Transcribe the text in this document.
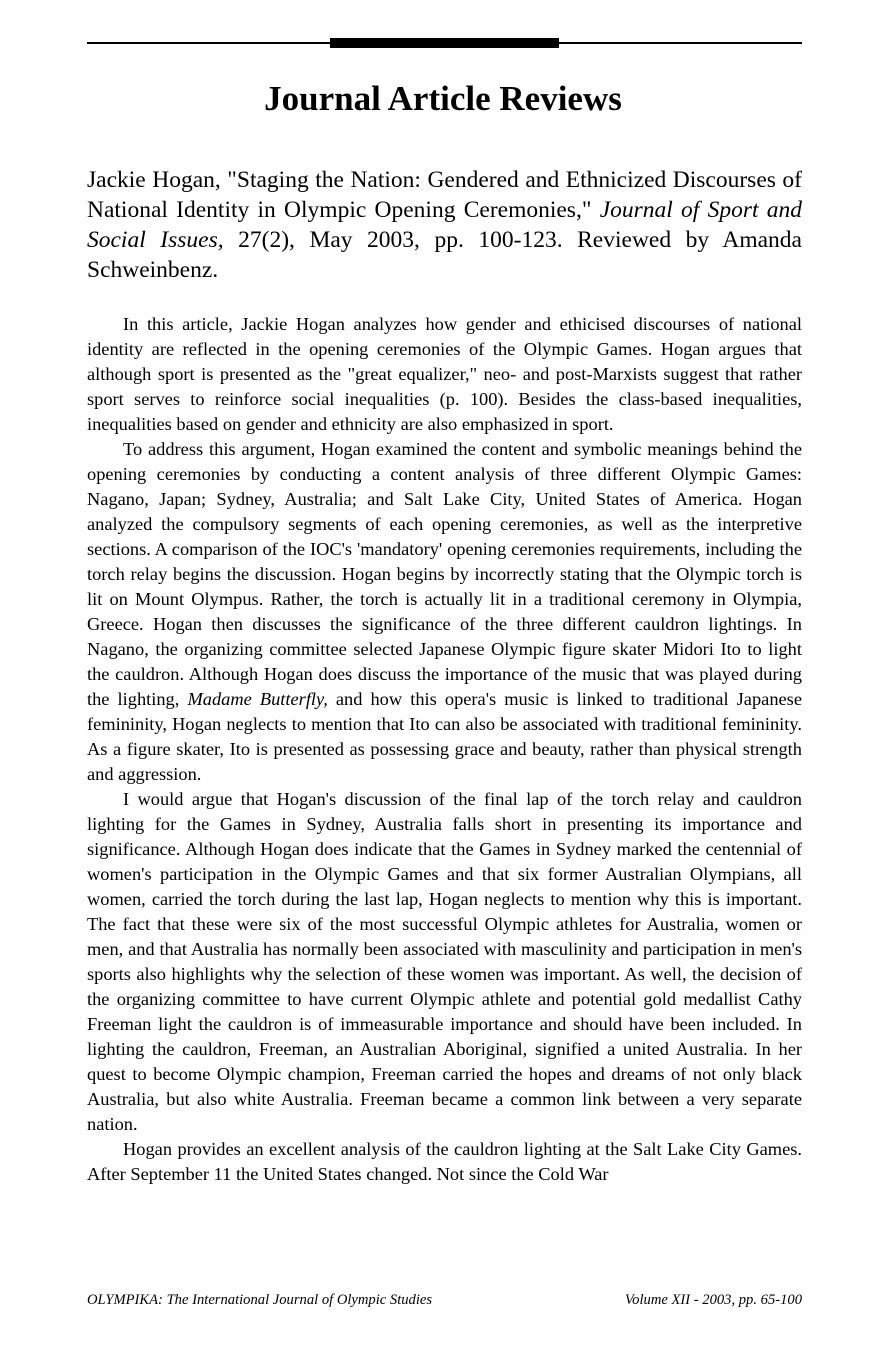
Journal Article Reviews

Jackie Hogan, "Staging the Nation: Gendered and Ethnicized Discourses of National Identity in Olympic Opening Ceremonies," Journal of Sport and Social Issues, 27(2), May 2003, pp. 100-123. Reviewed by Amanda Schweinbenz.

In this article, Jackie Hogan analyzes how gender and ethicised discourses of national identity are reflected in the opening ceremonies of the Olympic Games. Hogan argues that although sport is presented as the "great equalizer," neo- and post-Marxists suggest that rather sport serves to reinforce social inequalities (p. 100). Besides the class-based inequalities, inequalities based on gender and ethnicity are also emphasized in sport.

To address this argument, Hogan examined the content and symbolic meanings behind the opening ceremonies by conducting a content analysis of three different Olympic Games: Nagano, Japan; Sydney, Australia; and Salt Lake City, United States of America. Hogan analyzed the compulsory segments of each opening ceremonies, as well as the interpretive sections. A comparison of the IOC's 'mandatory' opening ceremonies requirements, including the torch relay begins the discussion. Hogan begins by incorrectly stating that the Olympic torch is lit on Mount Olympus. Rather, the torch is actually lit in a traditional ceremony in Olympia, Greece. Hogan then discusses the significance of the three different cauldron lightings. In Nagano, the organizing committee selected Japanese Olympic figure skater Midori Ito to light the cauldron. Although Hogan does discuss the importance of the music that was played during the lighting, Madame Butterfly, and how this opera's music is linked to traditional Japanese femininity, Hogan neglects to mention that Ito can also be associated with traditional femininity. As a figure skater, Ito is presented as possessing grace and beauty, rather than physical strength and aggression.

I would argue that Hogan's discussion of the final lap of the torch relay and cauldron lighting for the Games in Sydney, Australia falls short in presenting its importance and significance. Although Hogan does indicate that the Games in Sydney marked the centennial of women's participation in the Olympic Games and that six former Australian Olympians, all women, carried the torch during the last lap, Hogan neglects to mention why this is important. The fact that these were six of the most successful Olympic athletes for Australia, women or men, and that Australia has normally been associated with masculinity and participation in men's sports also highlights why the selection of these women was important. As well, the decision of the organizing committee to have current Olympic athlete and potential gold medallist Cathy Freeman light the cauldron is of immeasurable importance and should have been included. In lighting the cauldron, Freeman, an Australian Aboriginal, signified a united Australia. In her quest to become Olympic champion, Freeman carried the hopes and dreams of not only black Australia, but also white Australia. Freeman became a common link between a very separate nation.

Hogan provides an excellent analysis of the cauldron lighting at the Salt Lake City Games. After September 11 the United States changed. Not since the Cold War

OLYMPIKA: The International Journal of Olympic Studies	Volume XII - 2003, pp. 65-100
